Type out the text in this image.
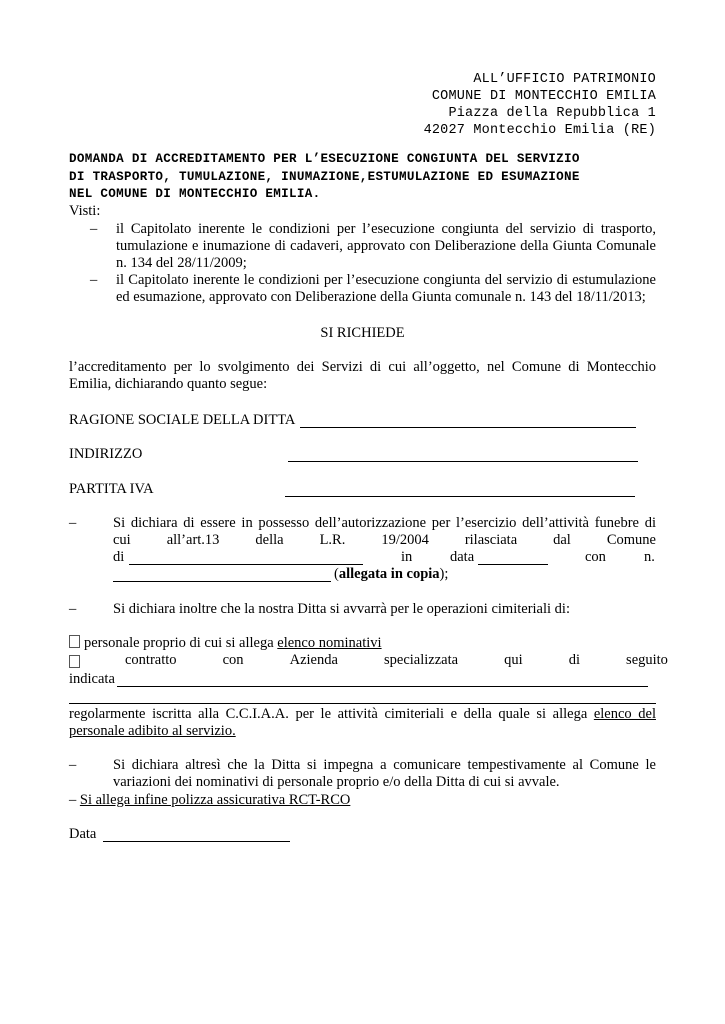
ALL’UFFICIO PATRIMONIO
COMUNE DI MONTECCHIO EMILIA
Piazza della Repubblica 1
42027 Montecchio Emilia (RE)
DOMANDA DI ACCREDITAMENTO PER L’ESECUZIONE CONGIUNTA DEL SERVIZIO
DI TRASPORTO, TUMULAZIONE, INUMAZIONE,ESTUMULAZIONE ED ESUMAZIONE
NEL COMUNE DI MONTECCHIO EMILIA.
Visti:
– il Capitolato inerente le condizioni per l’esecuzione congiunta del servizio di trasporto, tumulazione e inumazione di cadaveri, approvato con Deliberazione della Giunta Comunale n. 134 del 28/11/2009;
– il Capitolato inerente le condizioni per l’esecuzione congiunta del servizio di estumulazione ed esumazione, approvato con Deliberazione della Giunta comunale n. 143 del 18/11/2013;
SI RICHIEDE
l’accreditamento per lo svolgimento dei Servizi di cui all’oggetto, nel Comune di Montecchio Emilia, dichiarando quanto segue:
RAGIONE SOCIALE DELLA DITTA
INDIRIZZO
PARTITA IVA
–	Si dichiara di essere in possesso dell’autorizzazione per l’esercizio dell’attività funebre di
cui all’art.13 della L.R. 19/2004 rilasciata dal Comune
di	in	data	con	n.
(allegata in copia);
–	Si dichiara inoltre che la nostra Ditta si avvarrà per le operazioni cimiteriali di:
personale proprio di cui si allega elenco nominativi
contratto	con	Azienda	specializzata	qui	di	seguito
indicata
regolarmente iscritta alla C.C.I.A.A. per le attività cimiteriali e della quale si allega elenco del
personale adibito al servizio.
–	Si dichiara altresì che la Ditta si impegna a comunicare tempestivamente al Comune le
variazioni dei nominativi di personale proprio e/o della Ditta di cui si avvale.
– Si allega infine polizza assicurativa RCT-RCO
Data
